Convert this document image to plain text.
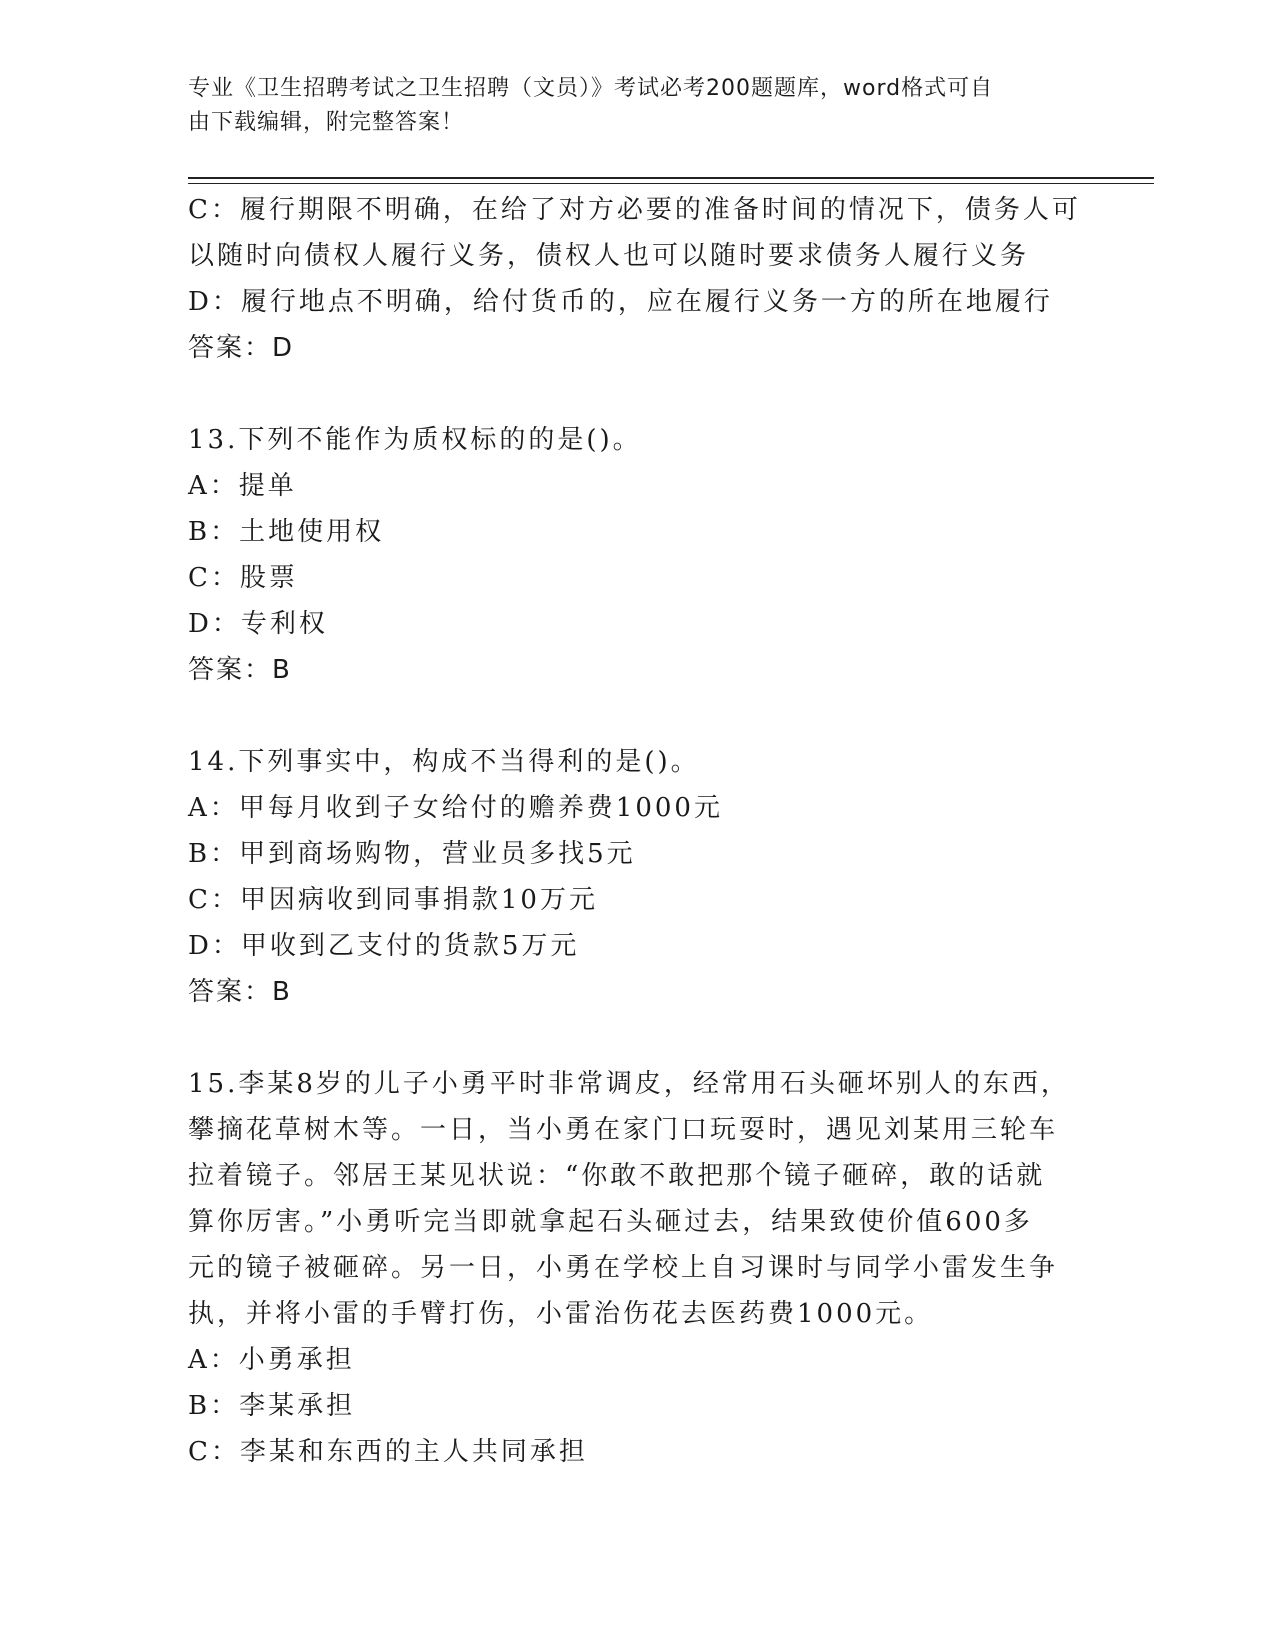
专业《卫生招聘考试之卫生招聘（文员）》考试必考200题题库，word格式可自
由下载编辑，附完整答案！
C：履行期限不明确，在给了对方必要的准备时间的情况下，债务人可
以随时向债权人履行义务，债权人也可以随时要求债务人履行义务
D：履行地点不明确，给付货币的，应在履行义务一方的所在地履行
答案：D
13.下列不能作为质权标的的是()。
A：提单
B：土地使用权
C：股票
D：专利权
答案：B
14.下列事实中，构成不当得利的是()。
A：甲每月收到子女给付的赡养费1000元
B：甲到商场购物，营业员多找5元
C：甲因病收到同事捐款10万元
D：甲收到乙支付的货款5万元
答案：B
15.李某8岁的儿子小勇平时非常调皮，经常用石头砸坏别人的东西，
攀摘花草树木等。一日，当小勇在家门口玩耍时，遇见刘某用三轮车
拉着镜子。邻居王某见状说：“你敢不敢把那个镜子砸碎，敢的话就
算你厉害。”小勇听完当即就拿起石头砸过去，结果致使价值600多
元的镜子被砸碎。另一日，小勇在学校上自习课时与同学小雷发生争
执，并将小雷的手臂打伤，小雷治伤花去医药费1000元。
A：小勇承担
B：李某承担
C：李某和东西的主人共同承担
